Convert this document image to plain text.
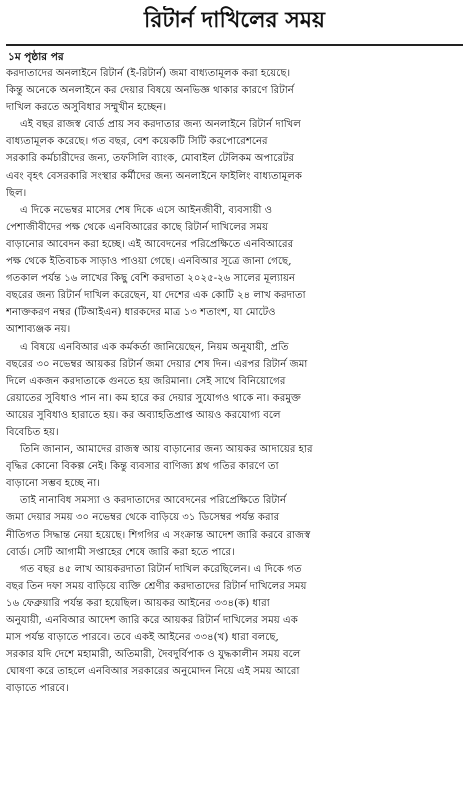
রিটার্ন দাখিলের সময়
১ম পৃষ্ঠার পর
করদাতাদের অনলাইনে রিটার্ন (ই-রিটার্ন) জমা বাধ্যতামূলক করা হয়েছে।
কিন্তু অনেকে অনলাইনে কর দেয়ার বিষয়ে অনভিজ্ঞ থাকার কারণে রিটার্ন
দাখিল করতে অসুবিধার সম্মুখীন হচ্ছেন।
এই বছর রাজস্ব বোর্ড প্রায় সব করদাতার জন্য অনলাইনে রিটার্ন দাখিল
বাধ্যতামূলক করেছে। গত বছর, বেশ কয়েকটি সিটি করপোরেশনের
সরকারি কর্মচারীদের জন্য, তফসিলি ব্যাংক, মোবাইল টেলিকম অপারেটর
এবং বৃহৎ বেসরকারি সংস্থার কর্মীদের জন্য অনলাইনে ফাইলিং বাধ্যতামূলক
ছিল।
এ দিকে নভেম্বর মাসের শেষ দিকে এসে আইনজীবী, ব্যবসায়ী ও
পেশাজীবীদের পক্ষ থেকে এনবিআরের কাছে রিটার্ন দাখিলের সময়
বাড়ানোর আবেদন করা হচ্ছে। এই আবেদনের পরিপ্রেক্ষিতে এনবিআরের
পক্ষ থেকে ইতিবাচক সাড়াও পাওয়া গেছে। এনবিআর সূত্রে জানা গেছে,
গতকাল পর্যন্ত ১৬ লাখের কিছু বেশি করদাতা ২০২৫-২৬ সালের মূল্যায়ন
বছরের জন্য রিটার্ন দাখিল করেছেন, যা দেশের এক কোটি ২৪ লাখ করদাতা
শনাক্তকরণ নম্বর (টিআইএন) ধারকদের মাত্র ১৩ শতাংশ, যা মোটেও
আশাব্যঞ্জক নয়।
এ বিষয়ে এনবিআর এক কর্মকর্তা জানিয়েছেন, নিয়ম অনুযায়ী, প্রতি
বছরের ৩০ নভেম্বর আয়কর রিটার্ন জমা দেয়ার শেষ দিন। এরপর রিটার্ন জমা
দিলে একজন করদাতাকে গুনতে হয় জরিমানা। সেই সাথে বিনিয়োগের
রেয়াতের সুবিধাও পান না। কম হারে কর দেয়ার সুযোগও থাকে না। করমুক্ত
আয়ের সুবিধাও হারাতে হয়। কর অব্যাহতিপ্রাপ্ত আয়ও করযোগ্য বলে
বিবেচিত হয়।
তিনি জানান, আমাদের রাজস্ব আয় বাড়ানোর জন্য আয়কর আদায়ের হার
বৃদ্ধির কোনো বিকল্প নেই। কিন্তু ব্যবসার বাণিজ্য শ্লথ গতির কারণে তা
বাড়ানো সম্ভব হচ্ছে না।
তাই নানাবিধ সমস্যা ও করদাতাদের আবেদনের পরিপ্রেক্ষিতে রিটার্ন
জমা দেয়ার সময় ৩০ নভেম্বর থেকে বাড়িয়ে ৩১ ডিসেম্বর পর্যন্ত করার
নীতিগত সিদ্ধান্ত নেয়া হয়েছে। শিগগির এ সংক্রান্ত আদেশ জারি করবে রাজস্ব
বোর্ড। সেটি আগামী সপ্তাহের শেষে জারি করা হতে পারে।
গত বছর ৪৫ লাখ আয়করদাতা রিটার্ন দাখিল করেছিলেন। এ দিকে গত
বছর তিন দফা সময় বাড়িয়ে ব্যক্তি শ্রেণীর করদাতাদের রিটার্ন দাখিলের সময়
১৬ ফেব্রুয়ারি পর্যন্ত করা হয়েছিল। আয়কর আইনের ৩৩৪(ক) ধারা
অনুযায়ী, এনবিআর আদেশ জারি করে আয়কর রিটার্ন দাখিলের সময় এক
মাস পর্যন্ত বাড়াতে পারবে। তবে একই আইনের ৩৩৪(খ) ধারা বলছে,
সরকার যদি দেশে মহামারী, অতিমারী, দৈবদুর্বিপাক ও যুদ্ধকালীন সময় বলে
ঘোষণা করে তাহলে এনবিআর সরকারের অনুমোদন নিয়ে এই সময় আরো
বাড়াতে পারবে।
